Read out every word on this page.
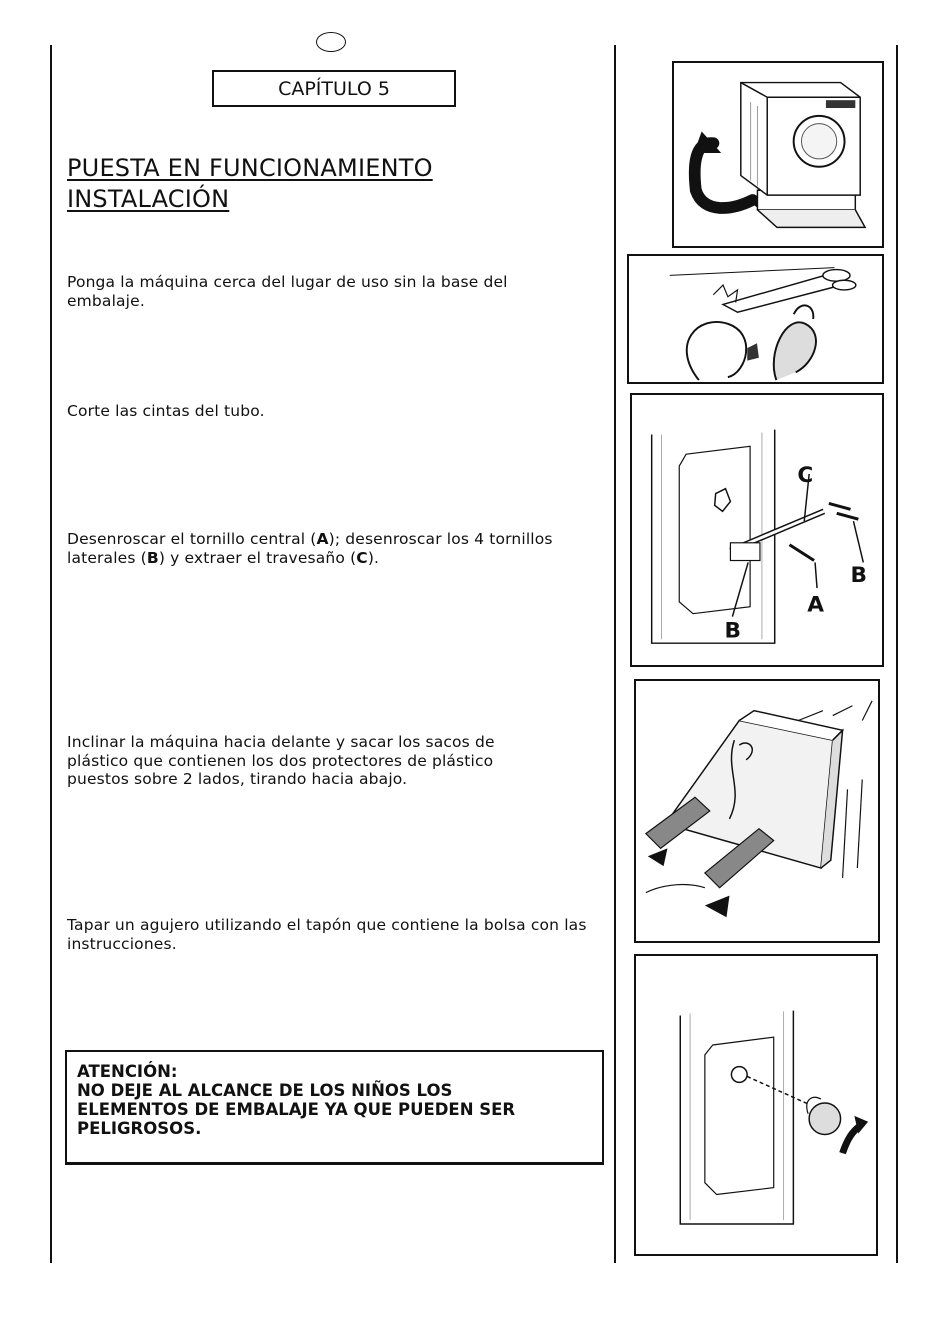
CAPÍTULO 5
PUESTA EN FUNCIONAMIENTO
INSTALACIÓN
Ponga la máquina cerca del lugar de uso sin la base del embalaje.
Corte las cintas del tubo.
Desenroscar el tornillo central (A); desenroscar los 4 tornillos laterales (B) y extraer el travesaño (C).
Inclinar la máquina hacia delante y sacar los sacos de plástico que contienen los dos protectores de plástico puestos sobre 2 lados, tirando hacia abajo.
Tapar un agujero utilizando el tapón que contiene la bolsa con las instrucciones.
ATENCIÓN:
NO DEJE AL ALCANCE DE LOS NIÑOS LOS ELEMENTOS DE EMBALAJE YA QUE PUEDEN SER PELIGROSOS.
C
B
A
B
